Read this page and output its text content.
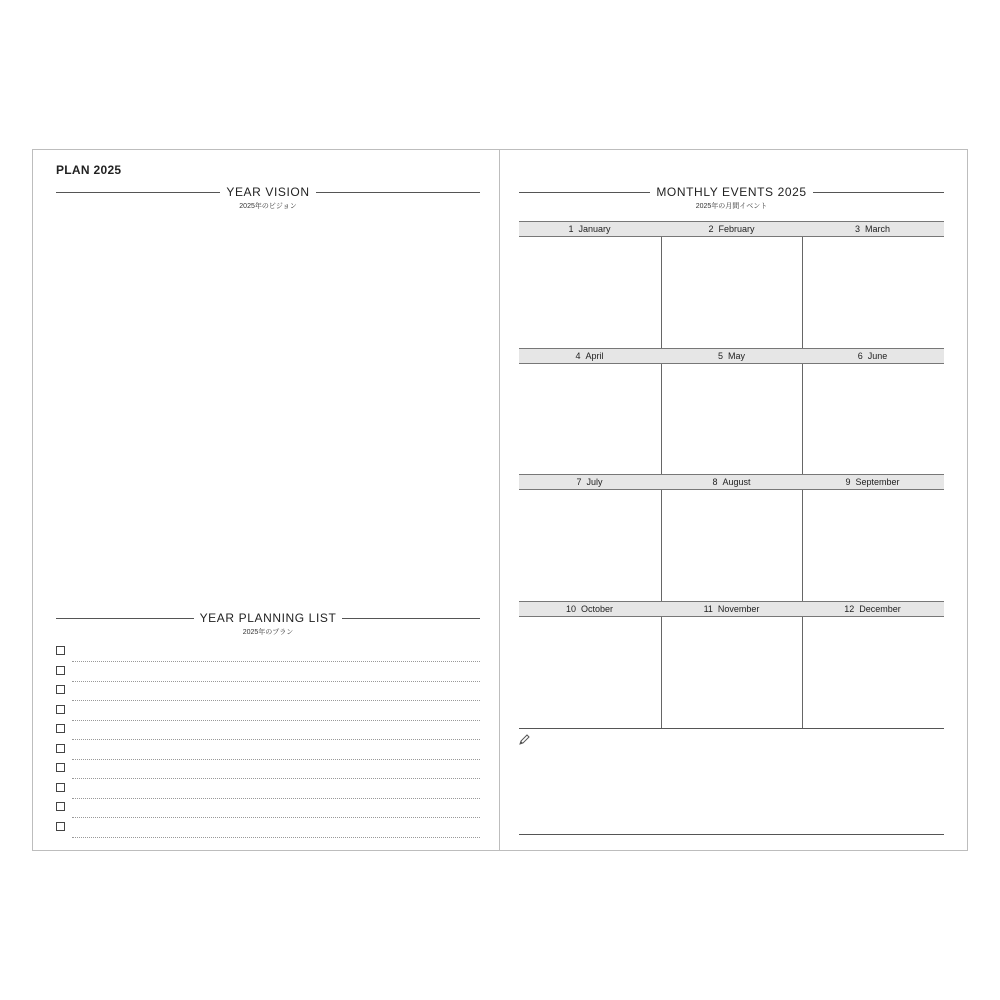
PLAN 2025
YEAR VISION
2025年のビジョン
YEAR PLANNING LIST
2025年のプラン
MONTHLY EVENTS 2025
2025年の月間イベント
1  January	2  February	3  March
4  April	5  May	6  June
7  July	8  August	9  September
10  October	11  November	12  December
